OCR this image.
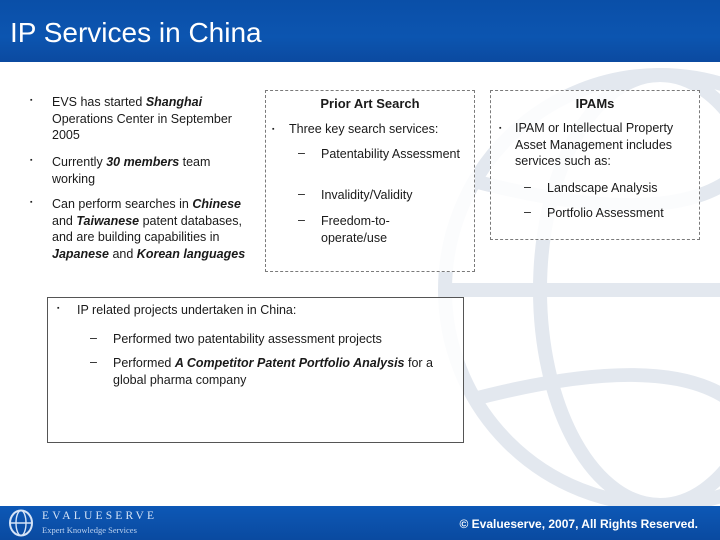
IP Services in China
▪ EVS has started Shanghai Operations Center in September 2005
▪ Currently 30 members team working
▪ Can perform searches in Chinese and Taiwanese patent databases, and are building capabilities in Japanese and Korean languages
Prior Art Search
▪ Three key search services:
– Patentability Assessment
– Invalidity/Validity
– Freedom-to-operate/use
IPAMs
▪ IPAM or Intellectual Property Asset Management includes services such as:
– Landscape Analysis
– Portfolio Assessment
▪ IP related projects undertaken in China:
– Performed two patentability assessment projects
– Performed A Competitor Patent Portfolio Analysis for a global pharma company
EVALUESERVE
Expert Knowledge Services	© Evalueserve, 2007, All Rights Reserved.
